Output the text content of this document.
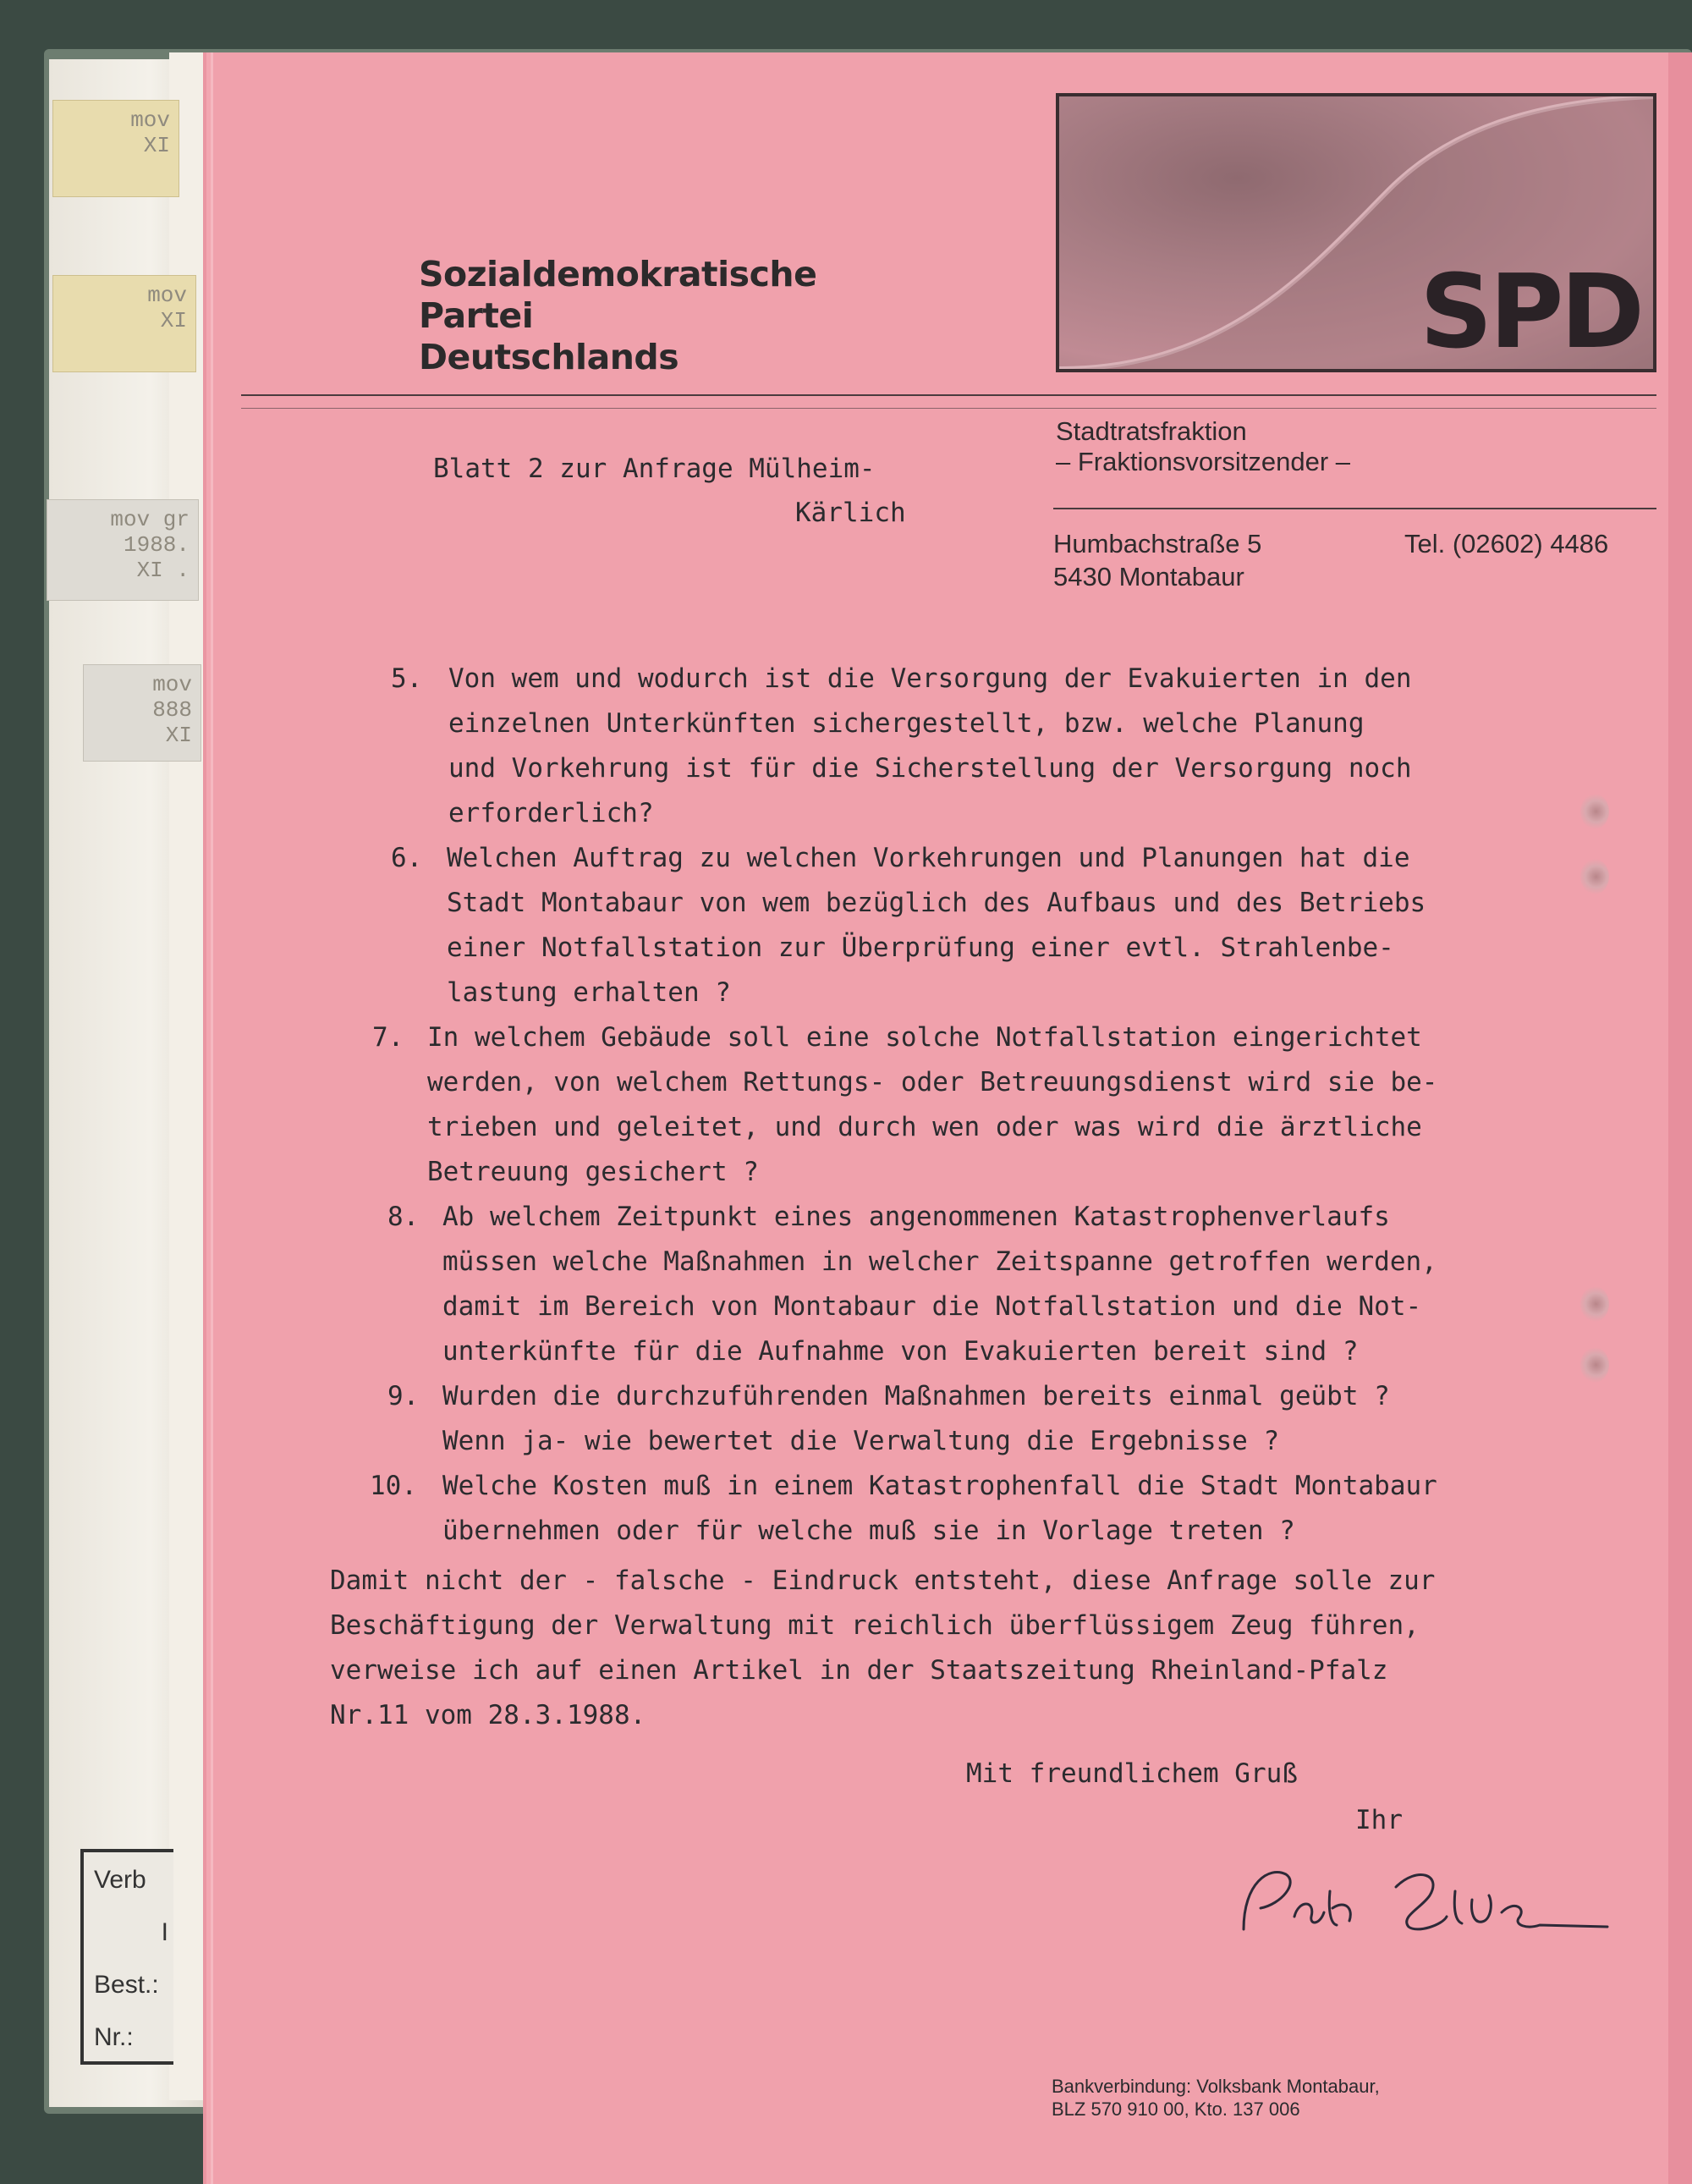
mov
XI
mov
XI
mov gr
1988.
XI .
mov
888
XI
Verb
I
Best.:
Nr.:
Sozialdemokratische
Partei
Deutschlands	SPD
Stadtratsfraktion
– Fraktionsvorsitzender –
Humbachstraße 5
5430 Montabaur
Tel. (02602) 4486
Blatt 2 zur Anfrage Mülheim-
Kärlich
5. Von wem und wodurch ist die Versorgung der Evakuierten in den
einzelnen Unterkünften sichergestellt, bzw. welche Planung
und Vorkehrung ist für die Sicherstellung der Versorgung noch
erforderlich?
6. Welchen Auftrag zu welchen Vorkehrungen und Planungen hat die
Stadt Montabaur von wem bezüglich des Aufbaus und des Betriebs
einer Notfallstation zur Überprüfung einer evtl. Strahlenbe-
lastung erhalten ?
7. In welchem Gebäude soll eine solche Notfallstation eingerichtet
werden, von welchem Rettungs- oder Betreuungsdienst wird sie be-
trieben und geleitet, und durch wen oder was wird die ärztliche
Betreuung gesichert ?
8. Ab welchem Zeitpunkt eines angenommenen Katastrophenverlaufs
müssen welche Maßnahmen in welcher Zeitspanne getroffen werden,
damit im Bereich von Montabaur die Notfallstation und die Not-
unterkünfte für die Aufnahme von Evakuierten bereit sind ?
9. Wurden die durchzuführenden Maßnahmen bereits einmal geübt ?
Wenn ja- wie bewertet die Verwaltung die Ergebnisse ?
10. Welche Kosten muß in einem Katastrophenfall die Stadt Montabaur
übernehmen oder für welche muß sie in Vorlage treten ?
Damit nicht der - falsche - Eindruck entsteht, diese Anfrage solle zur
Beschäftigung der Verwaltung mit reichlich überflüssigem Zeug führen,
verweise ich auf einen Artikel in der Staatszeitung Rheinland-Pfalz
Nr.11 vom 28.3.1988.
Mit freundlichem Gruß
Ihr
Bankverbindung: Volksbank Montabaur,
BLZ 570 910 00, Kto. 137 006
